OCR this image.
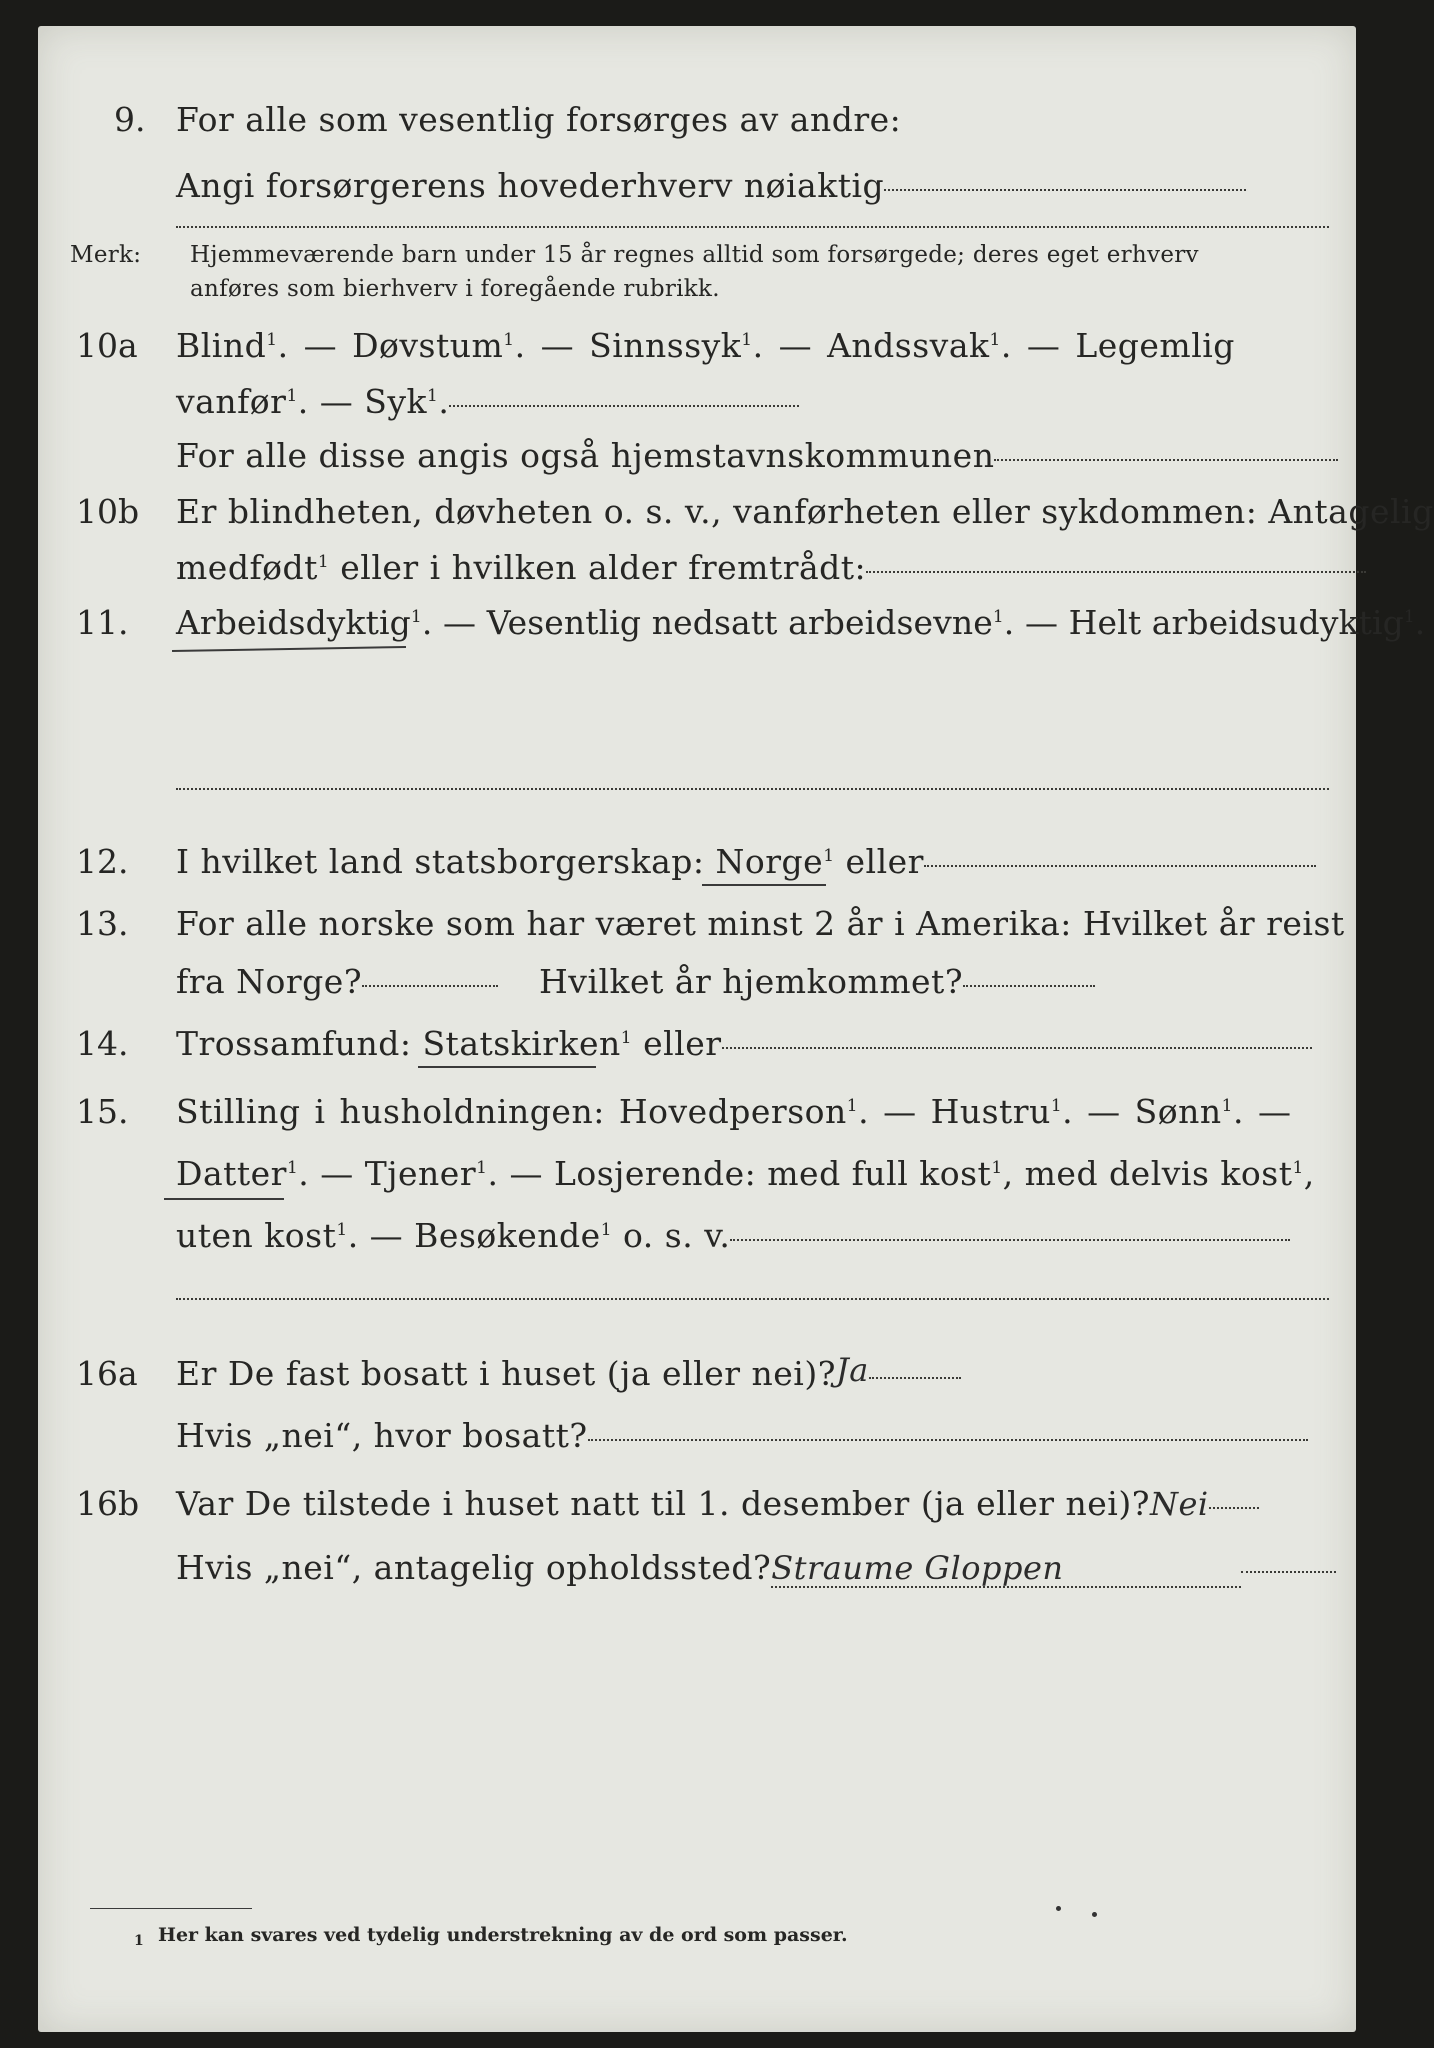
9. For alle som vesentlig forsørges av andre:
Angi forsørgerens hovederhverv nøiaktig
Merk: Hjemmeværende barn under 15 år regnes alltid som forsørgede; deres eget erhverv
anføres som bierhverv i foregående rubrikk.
10a Blind$^1$. — Døvstum$^1$. — Sinnssyk$^1$. — Andssvak$^1$. — Legemlig
vanfør$^1$. — Syk$^1$.
For alle disse angis også hjemstavnskommunen
10b Er blindheten, døvheten o. s. v., vanførheten eller sykdommen: Antagelig
medfødt$^1$ eller i hvilken alder fremtrådt:
11. Arbeidsdyktig$^1$. — Vesentlig nedsatt arbeidsevne$^1$. — Helt arbeidsudyktig$^1$.
12. I hvilket land statsborgerskap: Norge$^1$ eller
13. For alle norske som har været minst 2 år i Amerika: Hvilket år reist
fra Norge?	Hvilket år hjemkommet?
14. Trossamfund: Statskirken$^1$ eller
15. Stilling i husholdningen: Hovedperson$^1$. — Hustru$^1$. — Sønn$^1$. —
Datter$^1$. — Tjener$^1$. — Losjerende: med full kost$^1$, med delvis kost$^1$,
uten kost$^1$. — Besøkende$^1$ o. s. v.
16a Er De fast bosatt i huset (ja eller nei)?Ja
Hvis „nei“, hvor bosatt?
16b Var De tilstede i huset natt til 1. desember (ja eller nei)?Nei
Hvis „nei“, antagelig opholdssted?Straume Gloppen
1 Her kan svares ved tydelig understrekning av de ord som passer.
